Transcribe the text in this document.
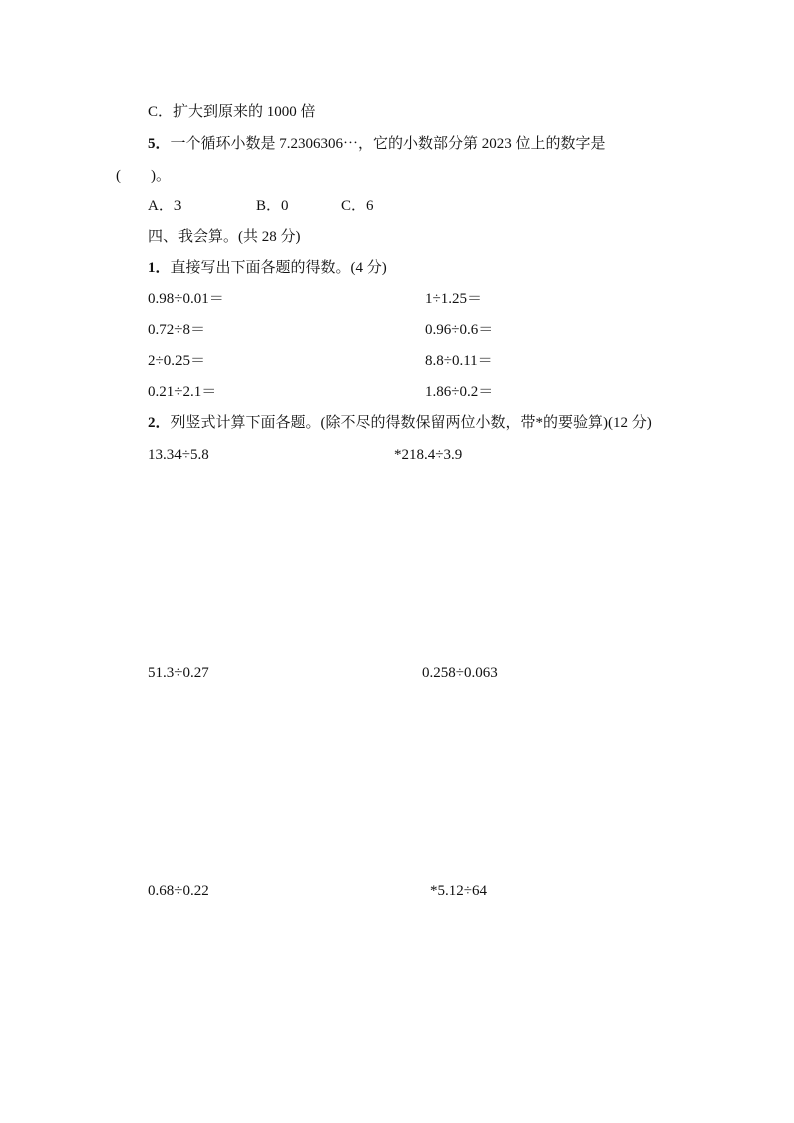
C．扩大到原来的 1000 倍
5．一个循环小数是 7.2306306⋯，它的小数部分第 2023 位上的数字是
(　　)。
A．3	B．0	C．6
四、我会算。(共 28 分)
1．直接写出下面各题的得数。(4 分)
0.98÷0.01＝	1÷1.25＝
0.72÷8＝	0.96÷0.6＝
2÷0.25＝	8.8÷0.11＝
0.21÷2.1＝	1.86÷0.2＝
2．列竖式计算下面各题。(除不尽的得数保留两位小数，带*的要验算)(12 分)
13.34÷5.8	*218.4÷3.9
51.3÷0.27	0.258÷0.063
0.68÷0.22	*5.12÷64
